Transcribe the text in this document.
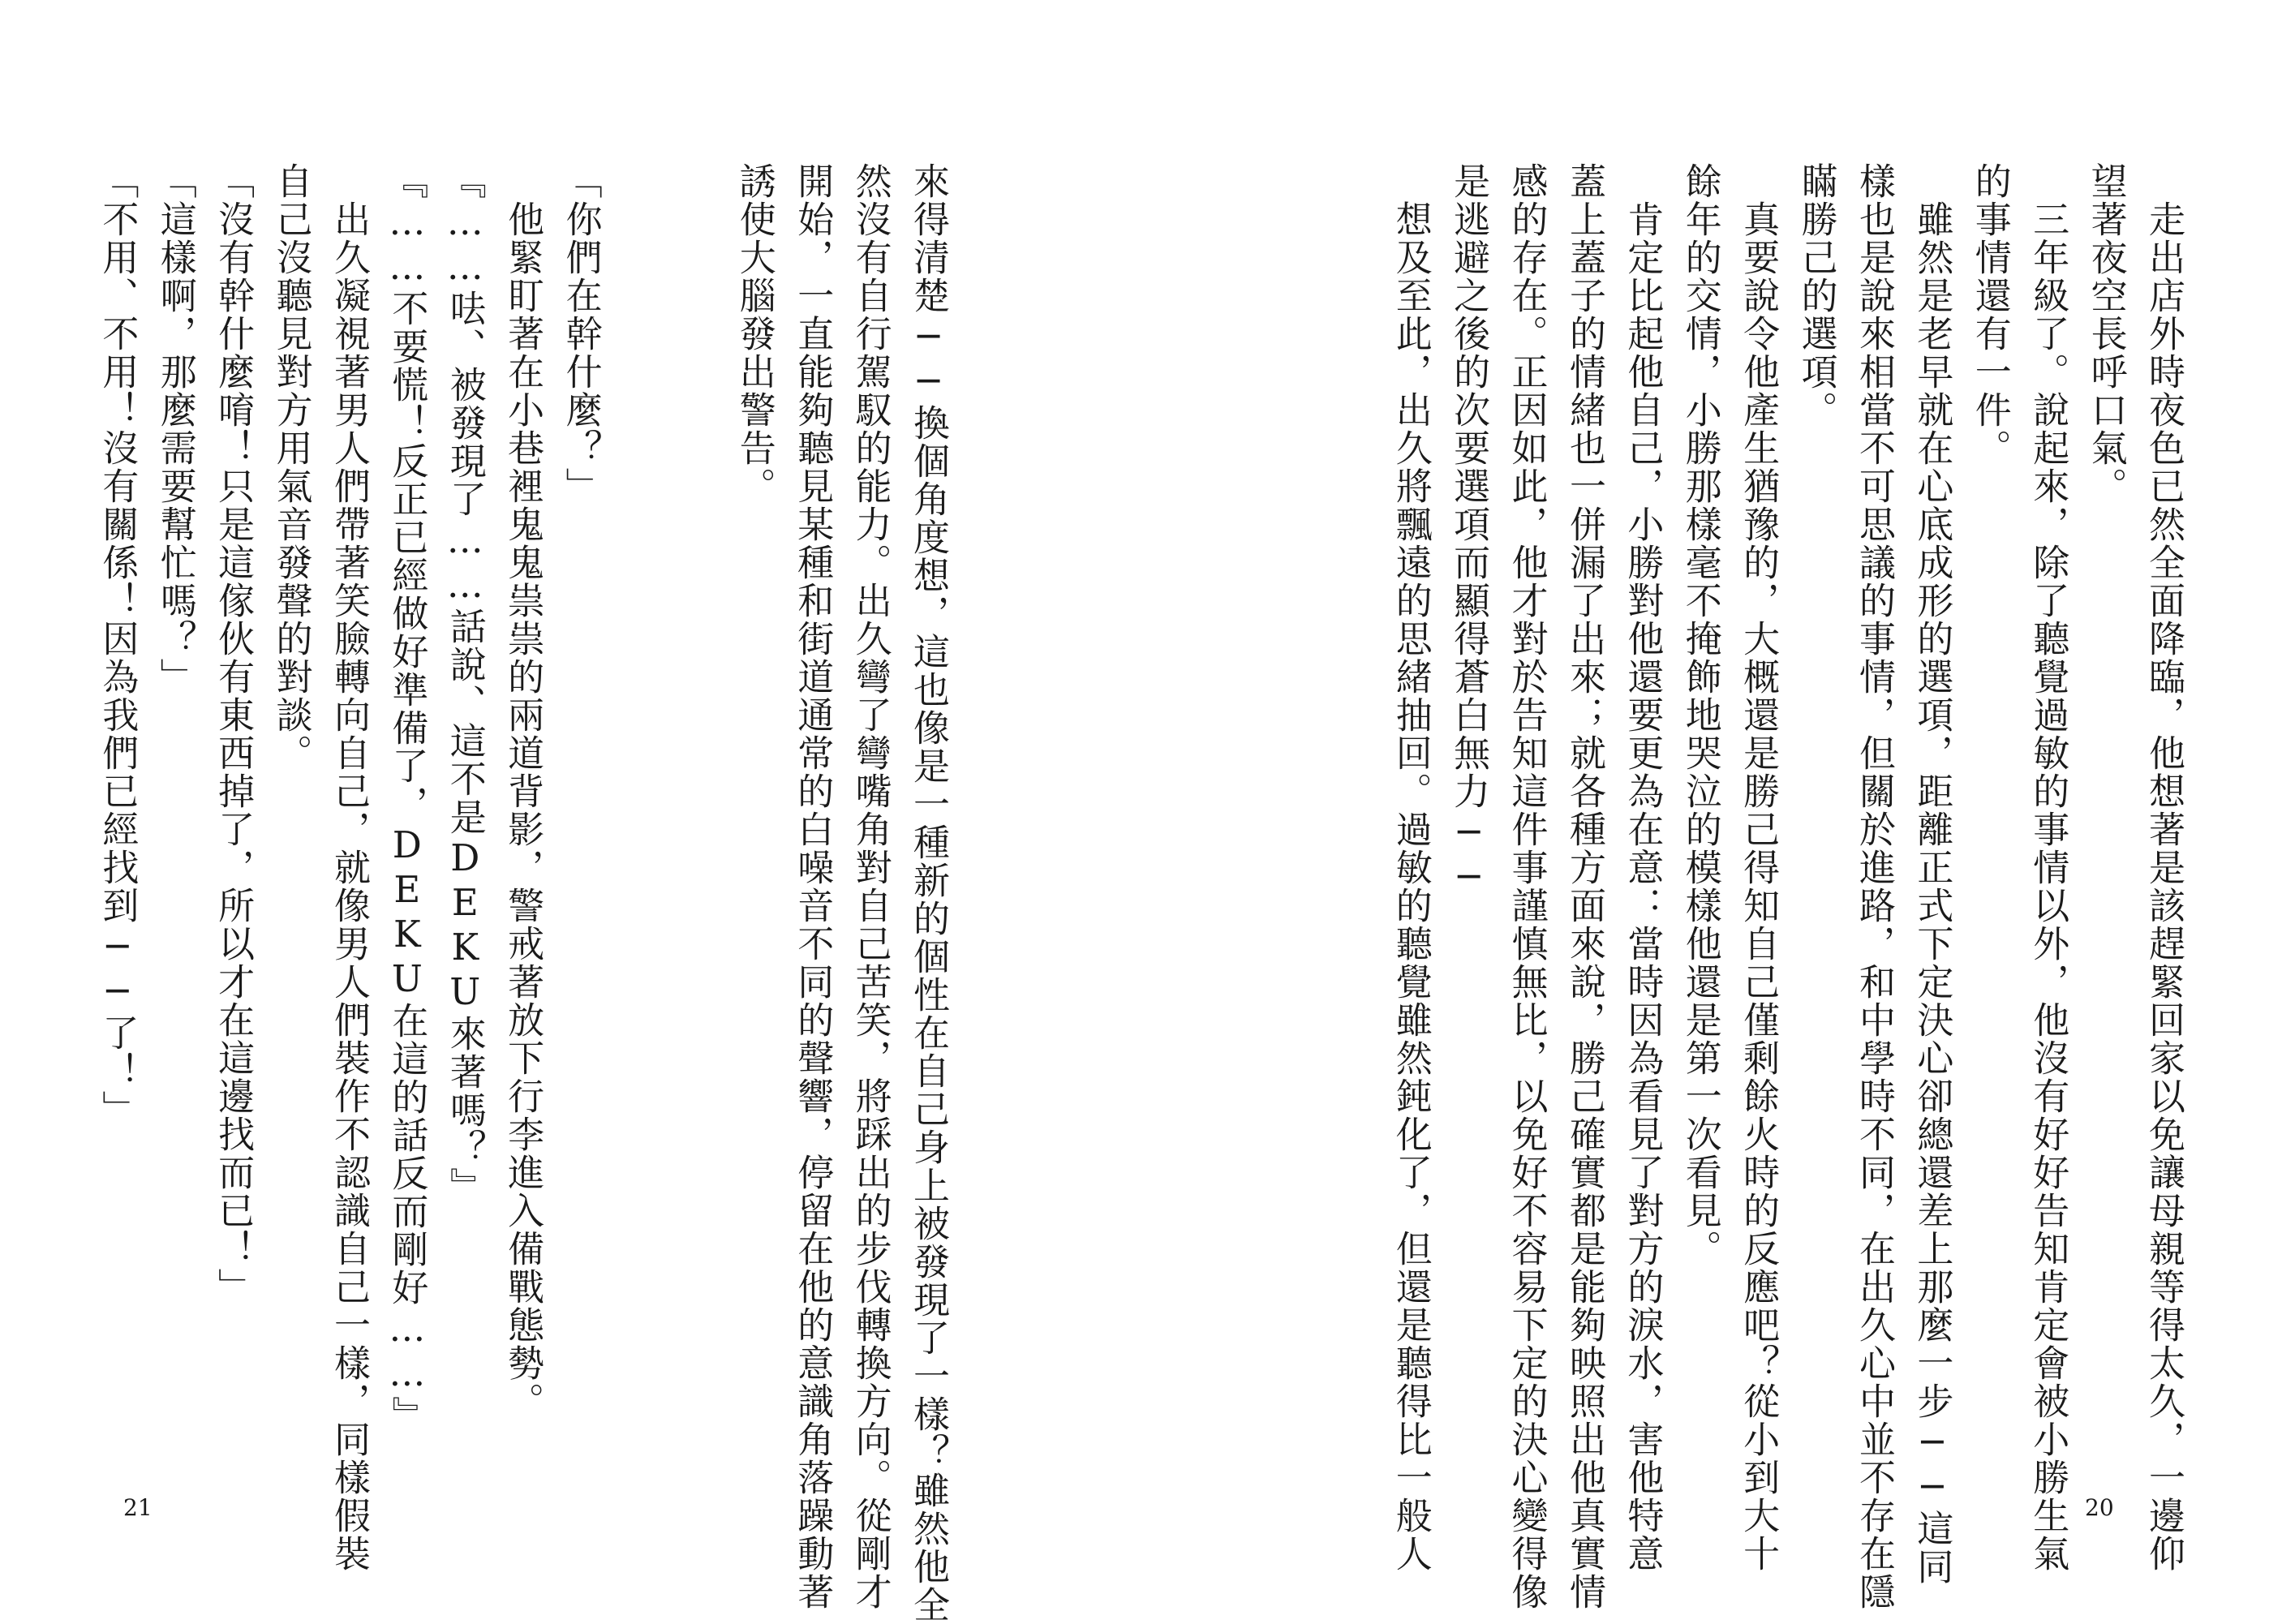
來得清楚──換個角度想，這也像是一種新的個性在自己身上被發現了一樣？雖然他全

然沒有自行駕馭的能力。出久彎了彎嘴角對自己苦笑，將踩出的步伐轉換方向。從剛才

開始，一直能夠聽見某種和街道通常的白噪音不同的聲響，停留在他的意識角落躁動著

誘使大腦發出警告。

「你們在幹什麼？」

　他緊盯著在小巷裡鬼鬼祟祟的兩道背影，警戒著放下行李進入備戰態勢。

『……呿、被發現了……話說、這不是DEKU來著嗎？』

『……不要慌！反正已經做好準備了，DEKU在這的話反而剛好……』

　出久凝視著男人們帶著笑臉轉向自己，就像男人們裝作不認識自己一樣，同樣假裝

自己沒聽見對方用氣音發聲的對談。

「沒有幹什麼唷！只是這傢伙有東西掉了，所以才在這邊找而已！」

「這樣啊，那麼需要幫忙嗎？」

「不用、不用！沒有關係！因為我們已經找到──了！」

21	　走出店外時夜色已然全面降臨，他想著是該趕緊回家以免讓母親等得太久，一邊仰

望著夜空長呼口氣。

　三年級了。說起來，除了聽覺過敏的事情以外，他沒有好好告知肯定會被小勝生氣

的事情還有一件。

　雖然是老早就在心底成形的選項，距離正式下定決心卻總還差上那麼一步──這同

樣也是說來相當不可思議的事情，但關於進路，和中學時不同，在出久心中並不存在隱

瞞勝己的選項。

　真要說令他產生猶豫的，大概還是勝己得知自己僅剩餘火時的反應吧？從小到大十

餘年的交情，小勝那樣毫不掩飾地哭泣的模樣他還是第一次看見。

　肯定比起他自己，小勝對他還要更為在意：當時因為看見了對方的淚水，害他特意

蓋上蓋子的情緒也一併漏了出來；就各種方面來說，勝己確實都是能夠映照出他真實情

感的存在。正因如此，他才對於告知這件事謹慎無比，以免好不容易下定的決心變得像

是逃避之後的次要選項而顯得蒼白無力──

　想及至此，出久將飄遠的思緒抽回。過敏的聽覺雖然鈍化了，但還是聽得比一般人	20
